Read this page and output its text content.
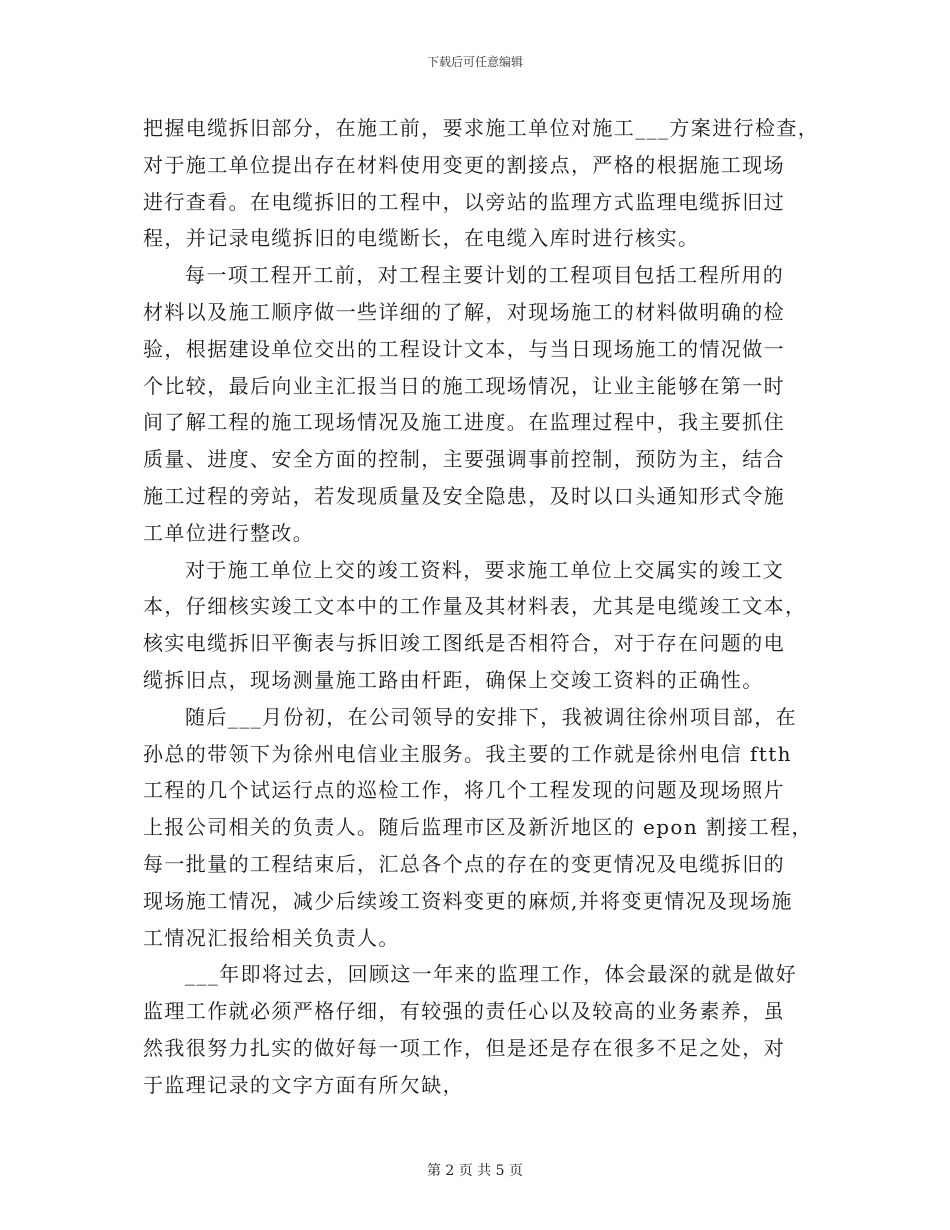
下载后可任意编辑
把握电缆拆旧部分，在施工前，要求施工单位对施工___方案进行检查，
对于施工单位提出存在材料使用变更的割接点，严格的根据施工现场
进行查看。在电缆拆旧的工程中，以旁站的监理方式监理电缆拆旧过
程，并记录电缆拆旧的电缆断长，在电缆入库时进行核实。
每一项工程开工前，对工程主要计划的工程项目包括工程所用的
材料以及施工顺序做一些详细的了解，对现场施工的材料做明确的检
验，根据建设单位交出的工程设计文本，与当日现场施工的情况做一
个比较，最后向业主汇报当日的施工现场情况，让业主能够在第一时
间了解工程的施工现场情况及施工进度。在监理过程中，我主要抓住
质量、进度、安全方面的控制，主要强调事前控制，预防为主，结合
施工过程的旁站，若发现质量及安全隐患，及时以口头通知形式令施
工单位进行整改。
对于施工单位上交的竣工资料，要求施工单位上交属实的竣工文
本，仔细核实竣工文本中的工作量及其材料表，尤其是电缆竣工文本，
核实电缆拆旧平衡表与拆旧竣工图纸是否相符合，对于存在问题的电
缆拆旧点，现场测量施工路由杆距，确保上交竣工资料的正确性。
随后___月份初，在公司领导的安排下，我被调往徐州项目部，在
孙总的带领下为徐州电信业主服务。我主要的工作就是徐州电信 ftth
工程的几个试运行点的巡检工作，将几个工程发现的问题及现场照片
上报公司相关的负责人。随后监理市区及新沂地区的 epon 割接工程，
每一批量的工程结束后，汇总各个点的存在的变更情况及电缆拆旧的
现场施工情况，减少后续竣工资料变更的麻烦,并将变更情况及现场施
工情况汇报给相关负责人。
___年即将过去，回顾这一年来的监理工作，体会最深的就是做好
监理工作就必须严格仔细，有较强的责任心以及较高的业务素养，虽
然我很努力扎实的做好每一项工作，但是还是存在很多不足之处，对
于监理记录的文字方面有所欠缺，
第 2 页 共 5 页
